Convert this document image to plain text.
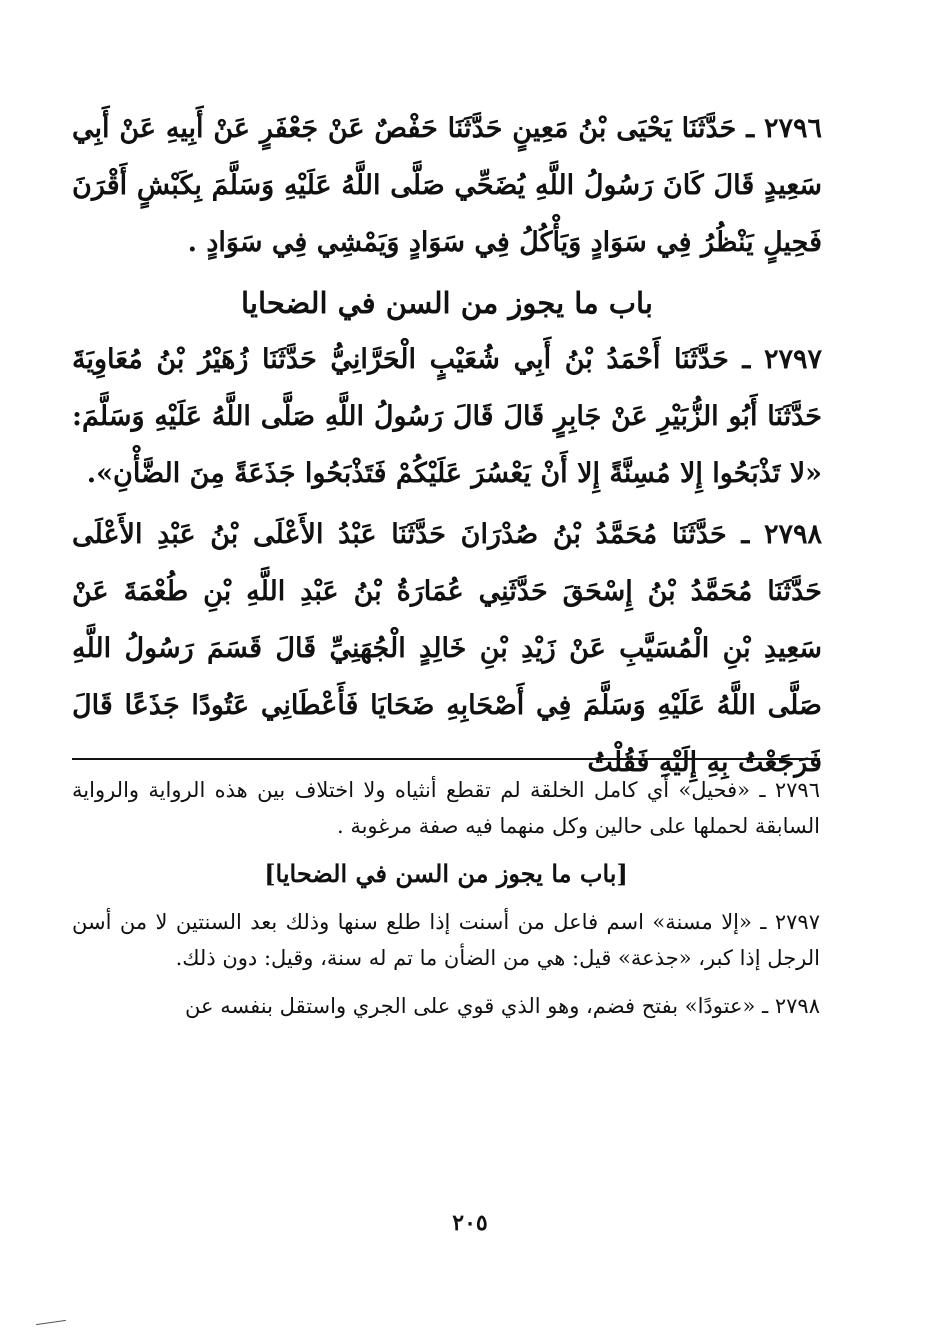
٢٧٩٦ ـ حَدَّثَنَا يَحْيَى بْنُ مَعِينٍ حَدَّثَنَا حَفْصٌ عَنْ جَعْفَرٍ عَنْ أَبِيهِ عَنْ أَبِي سَعِيدٍ قَالَ كَانَ رَسُولُ اللَّهِ يُضَحِّي صَلَّى اللَّهُ عَلَيْهِ وَسَلَّمَ بِكَبْشٍ أَقْرَنَ فَحِيلٍ يَنْظُرُ فِي سَوَادٍ وَيَأْكُلُ فِي سَوَادٍ وَيَمْشِي فِي سَوَادٍ .

باب ما يجوز من السن في الضحايا

٢٧٩٧ ـ حَدَّثَنَا أَحْمَدُ بْنُ أَبِي شُعَيْبٍ الْحَرَّانِيُّ حَدَّثَنَا زُهَيْرُ بْنُ مُعَاوِيَةَ حَدَّثَنَا أَبُو الزُّبَيْرِ عَنْ جَابِرٍ قَالَ قَالَ رَسُولُ اللَّهِ صَلَّى اللَّهُ عَلَيْهِ وَسَلَّمَ: «لا تَذْبَحُوا إِلا مُسِنَّةً إِلا أَنْ يَعْسُرَ عَلَيْكُمْ فَتَذْبَحُوا جَذَعَةً مِنَ الضَّأْنِ».

٢٧٩٨ ـ حَدَّثَنَا مُحَمَّدُ بْنُ صُدْرَانَ حَدَّثَنَا عَبْدُ الأَعْلَى بْنُ عَبْدِ الأَعْلَى حَدَّثَنَا مُحَمَّدُ بْنُ إِسْحَقَ حَدَّثَنِي عُمَارَةُ بْنُ عَبْدِ اللَّهِ بْنِ طُعْمَةَ عَنْ سَعِيدِ بْنِ الْمُسَيَّبِ عَنْ زَيْدِ بْنِ خَالِدٍ الْجُهَنِيِّ قَالَ قَسَمَ رَسُولُ اللَّهِ صَلَّى اللَّهُ عَلَيْهِ وَسَلَّمَ فِي أَصْحَابِهِ ضَحَايَا فَأَعْطَانِي عَتُودًا جَذَعًا قَالَ فَرَجَعْتُ بِهِ إِلَيْهِ فَقُلْتُ

٢٧٩٦ ـ «فحيل» أي كامل الخلقة لم تقطع أنثياه ولا اختلاف بين هذه الرواية والرواية السابقة لحملها على حالين وكل منهما فيه صفة مرغوبة .

[باب ما يجوز من السن في الضحايا]

٢٧٩٧ ـ «إلا مسنة» اسم فاعل من أسنت إذا طلع سنها وذلك بعد السنتين لا من أسن الرجل إذا كبر، «جذعة» قيل: هي من الضأن ما تم له سنة، وقيل: دون ذلك.

٢٧٩٨ ـ «عتودًا» بفتح فضم، وهو الذي قوي على الجري واستقل بنفسه عن

٢٠٥
